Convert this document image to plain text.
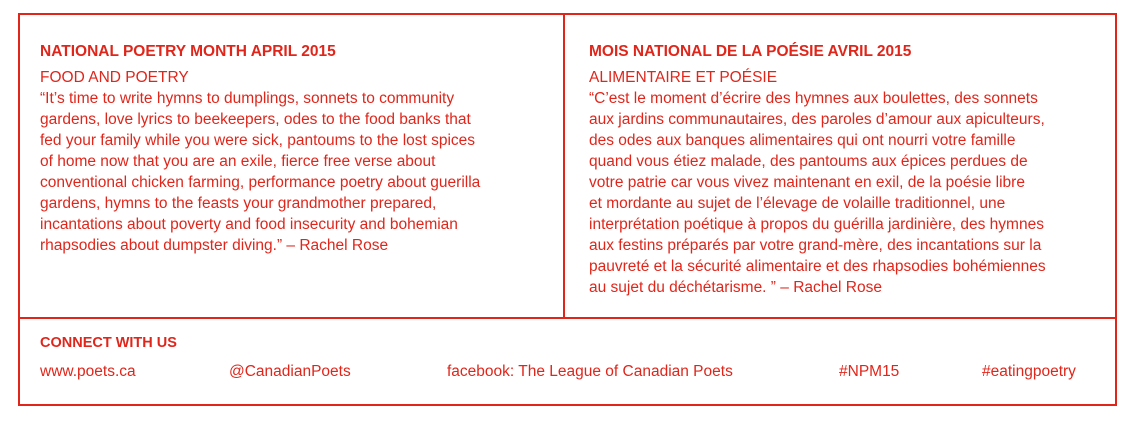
NATIONAL POETRY MONTH APRIL 2015
FOOD AND POETRY

“It’s time to write hymns to dumplings, sonnets to community
gardens, love lyrics to beekeepers, odes to the food banks that
fed your family while you were sick, pantoums to the lost spices
of home now that you are an exile, fierce free verse about
conventional chicken farming, performance poetry about guerilla
gardens, hymns to the feasts your grandmother prepared,
incantations about poverty and food insecurity and bohemian
rhapsodies about dumpster diving.” – Rachel Rose

MOIS NATIONAL DE LA POÉSIE AVRIL 2015
ALIMENTAIRE ET POÉSIE

“C’est le moment d’écrire des hymnes aux boulettes, des sonnets
aux jardins communautaires, des paroles d’amour aux apiculteurs,
des odes aux banques alimentaires qui ont nourri votre famille
quand vous étiez malade, des pantoums aux épices perdues de
votre patrie car vous vivez maintenant en exil, de la poésie libre
et mordante au sujet de l’élevage de volaille traditionnel, une
interprétation poétique à propos du guérilla jardinière, des hymnes
aux festins préparés par votre grand-mère, des incantations sur la
pauvreté et la sécurité alimentaire et des rhapsodies bohémiennes
au sujet du déchétarisme. ” – Rachel Rose

CONNECT WITH US
www.poets.ca	@CanadianPoets	facebook: The League of Canadian Poets	#NPM15	#eatingpoetry
